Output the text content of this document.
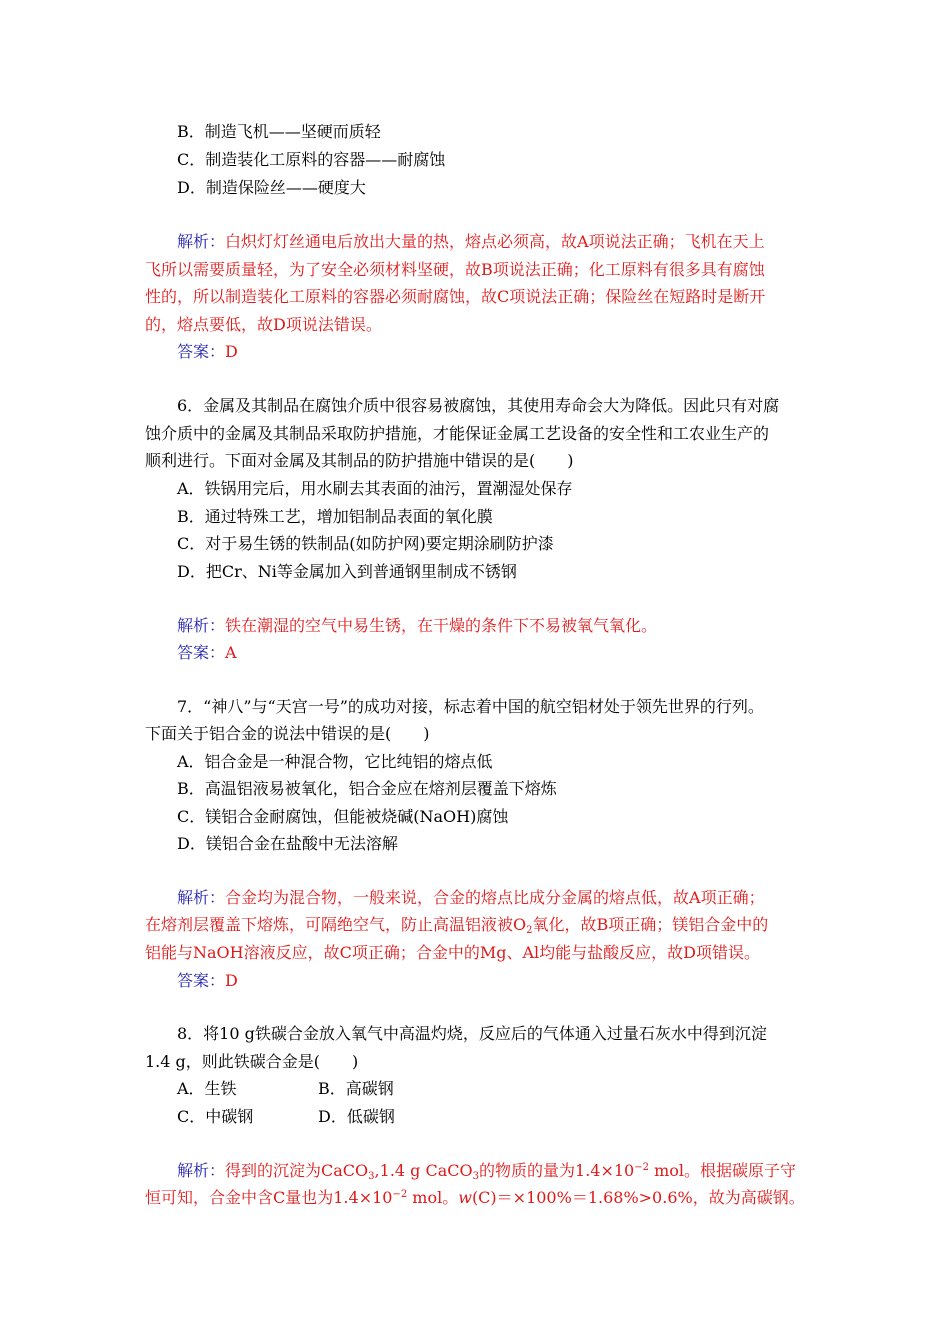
B．制造飞机——坚硬而质轻
C．制造装化工原料的容器——耐腐蚀
D．制造保险丝——硬度大
解析：白炽灯灯丝通电后放出大量的热，熔点必须高，故A项说法正确；飞机在天上
飞所以需要质量轻，为了安全必须材料坚硬，故B项说法正确；化工原料有很多具有腐蚀
性的，所以制造装化工原料的容器必须耐腐蚀，故C项说法正确；保险丝在短路时是断开
的，熔点要低，故D项说法错误。
答案：D
6．金属及其制品在腐蚀介质中很容易被腐蚀，其使用寿命会大为降低。因此只有对腐
蚀介质中的金属及其制品采取防护措施，才能保证金属工艺设备的安全性和工农业生产的
顺利进行。下面对金属及其制品的防护措施中错误的是(　　)
A．铁锅用完后，用水刷去其表面的油污，置潮湿处保存
B．通过特殊工艺，增加铝制品表面的氧化膜
C．对于易生锈的铁制品(如防护网)要定期涂刷防护漆
D．把Cr、Ni等金属加入到普通钢里制成不锈钢
解析：铁在潮湿的空气中易生锈，在干燥的条件下不易被氧气氧化。
答案：A
7．“神八”与“天宫一号”的成功对接，标志着中国的航空铝材处于领先世界的行列。
下面关于铝合金的说法中错误的是(　　)
A．铝合金是一种混合物，它比纯铝的熔点低
B．高温铝液易被氧化，铝合金应在熔剂层覆盖下熔炼
C．镁铝合金耐腐蚀，但能被烧碱(NaOH)腐蚀
D．镁铝合金在盐酸中无法溶解
解析：合金均为混合物，一般来说，合金的熔点比成分金属的熔点低，故A项正确；
在熔剂层覆盖下熔炼，可隔绝空气，防止高温铝液被$O_2$氧化，故B项正确；镁铝合金中的
铝能与NaOH溶液反应，故C项正确；合金中的Mg、Al均能与盐酸反应，故D项错误。
答案：D
8．将10 g铁碳合金放入氧气中高温灼烧，反应后的气体通入过量石灰水中得到沉淀
1.4 g，则此铁碳合金是(　　)
A．生铁	B．高碳钢
C．中碳钢	D．低碳钢
解析：得到的沉淀为CaCO$_3$,1.4 g CaCO$_3$的物质的量为$1.4\times 10^{-2}$ mol。根据碳原子守
恒可知，合金中含C量也为$1.4\times 10^{-2}$ mol。w(C)＝×100%＝1.68%>0.6%，故为高碳钢。
